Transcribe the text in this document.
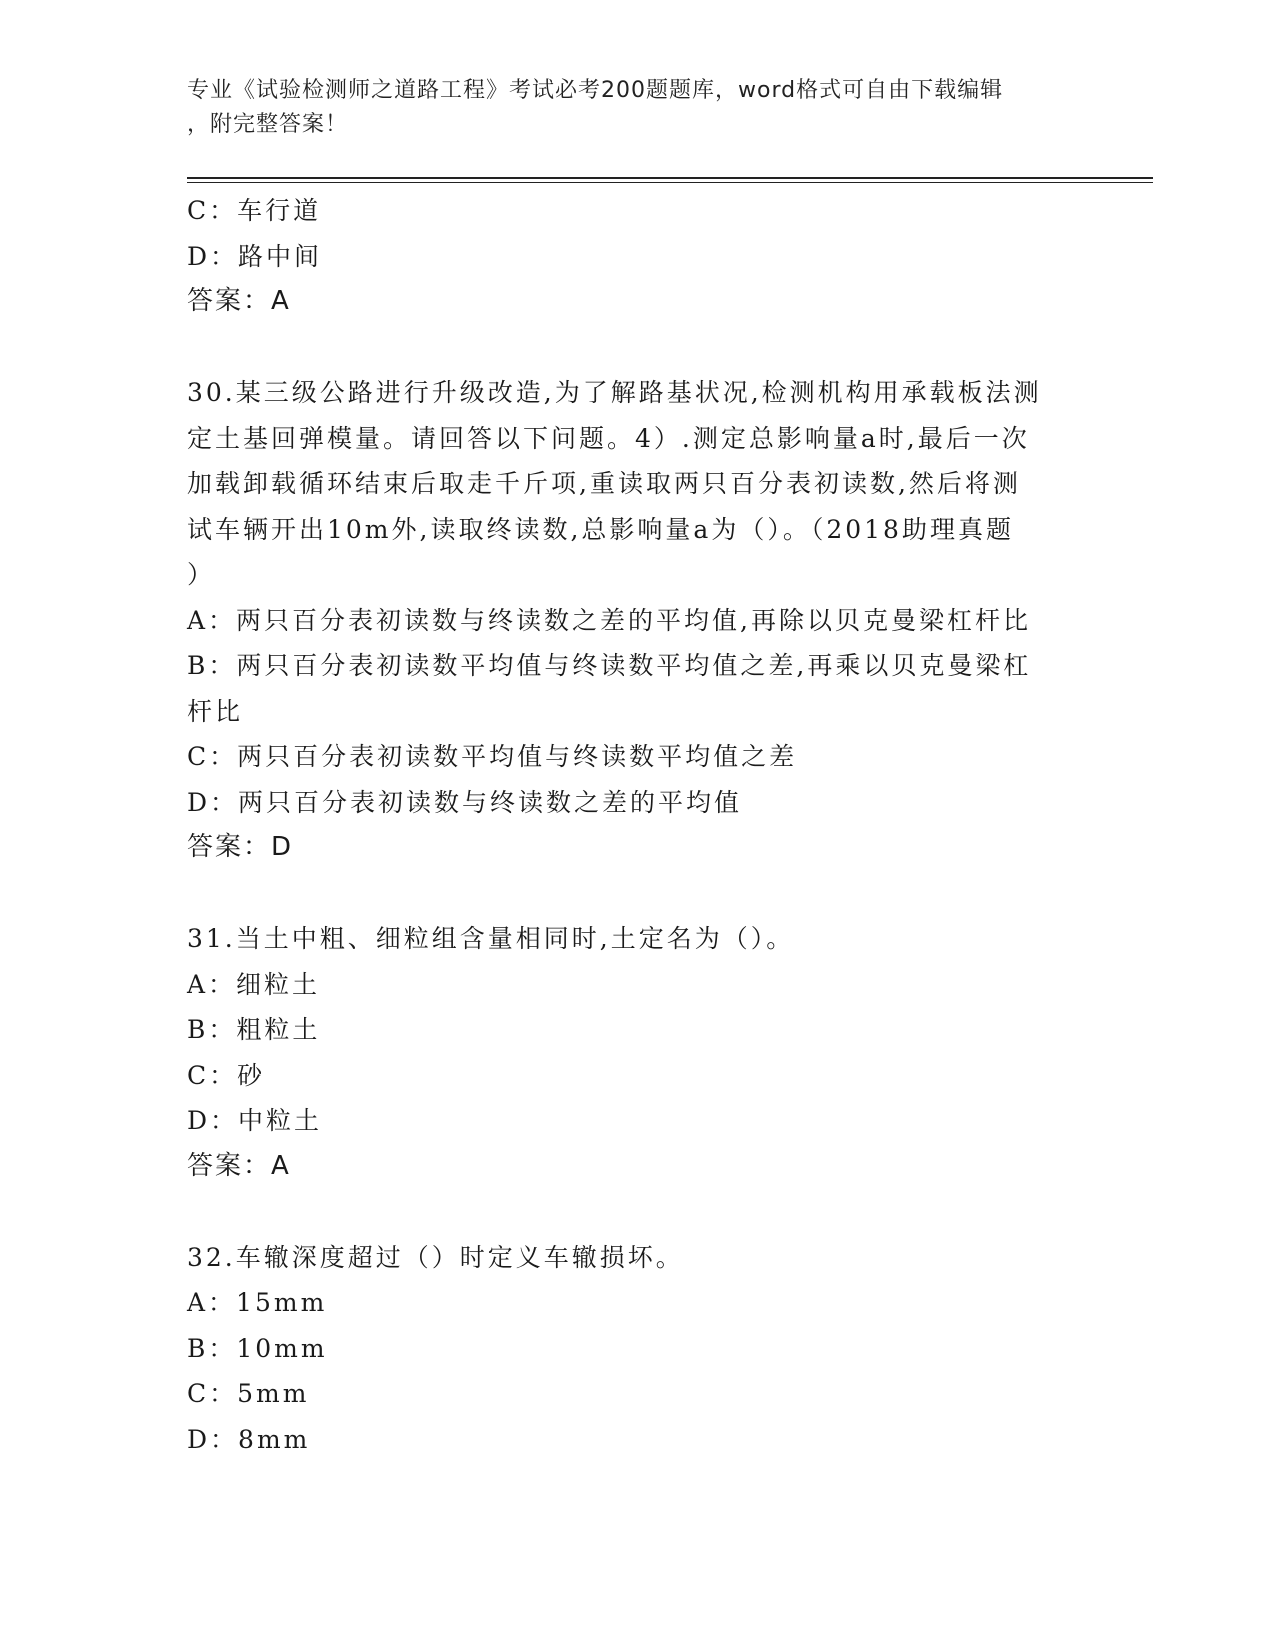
专业《试验检测师之道路工程》考试必考200题题库，word格式可自由下载编辑
，附完整答案！
C：车行道
D：路中间
答案：A
30.某三级公路进行升级改造,为了解路基状况,检测机构用承载板法测
定土基回弹模量。请回答以下问题。4）.测定总影响量a时,最后一次
加载卸载循环结束后取走千斤项,重读取两只百分表初读数,然后将测
试车辆开出10m外,读取终读数,总影响量a为（）。（2018助理真题
）
A：两只百分表初读数与终读数之差的平均值,再除以贝克曼梁杠杆比
B：两只百分表初读数平均值与终读数平均值之差,再乘以贝克曼梁杠
杆比
C：两只百分表初读数平均值与终读数平均值之差
D：两只百分表初读数与终读数之差的平均值
答案：D
31.当土中粗、细粒组含量相同时,土定名为（）。
A：细粒土
B：粗粒土
C：砂
D：中粒土
答案：A
32.车辙深度超过（）时定义车辙损坏。
A：15mm
B：10mm
C：5mm
D：8mm
